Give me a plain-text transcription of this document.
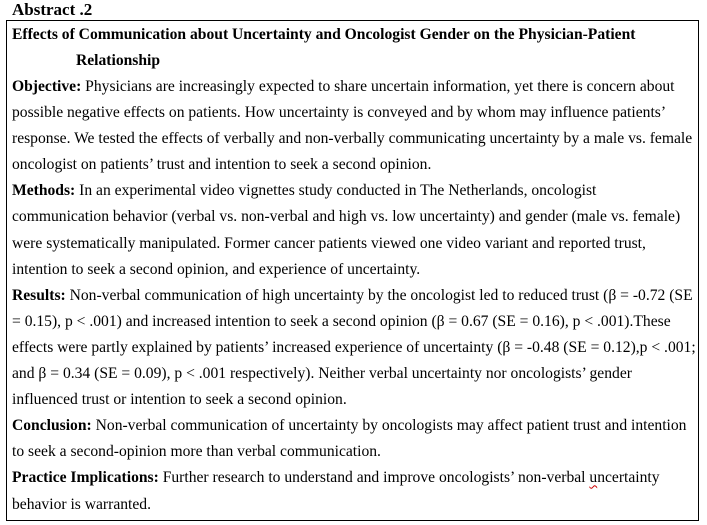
Abstract .2
Effects of Communication about Uncertainty and Oncologist Gender on the Physician-Patient
Relationship

Objective: Physicians are increasingly expected to share uncertain information, yet there is concern about possible negative effects on patients. How uncertainty is conveyed and by whom may influence patients’ response. We tested the effects of verbally and non-verbally communicating uncertainty by a male vs. female oncologist on patients’ trust and intention to seek a second opinion.

Methods: In an experimental video vignettes study conducted in The Netherlands, oncologist communication behavior (verbal vs. non-verbal and high vs. low uncertainty) and gender (male vs. female) were systematically manipulated. Former cancer patients viewed one video variant and reported trust, intention to seek a second opinion, and experience of uncertainty.

Results: Non-verbal communication of high uncertainty by the oncologist led to reduced trust (β = -0.72 (SE = 0.15), p < .001) and increased intention to seek a second opinion (β = 0.67 (SE = 0.16), p < .001).These effects were partly explained by patients’ increased experience of uncertainty (β = -0.48 (SE = 0.12),p < .001; and β = 0.34 (SE = 0.09), p < .001 respectively). Neither verbal uncertainty nor oncologists’ gender influenced trust or intention to seek a second opinion.

Conclusion: Non-verbal communication of uncertainty by oncologists may affect patient trust and intention to seek a second-opinion more than verbal communication.

Practice Implications: Further research to understand and improve oncologists’ non-verbal uncertainty behavior is warranted.
